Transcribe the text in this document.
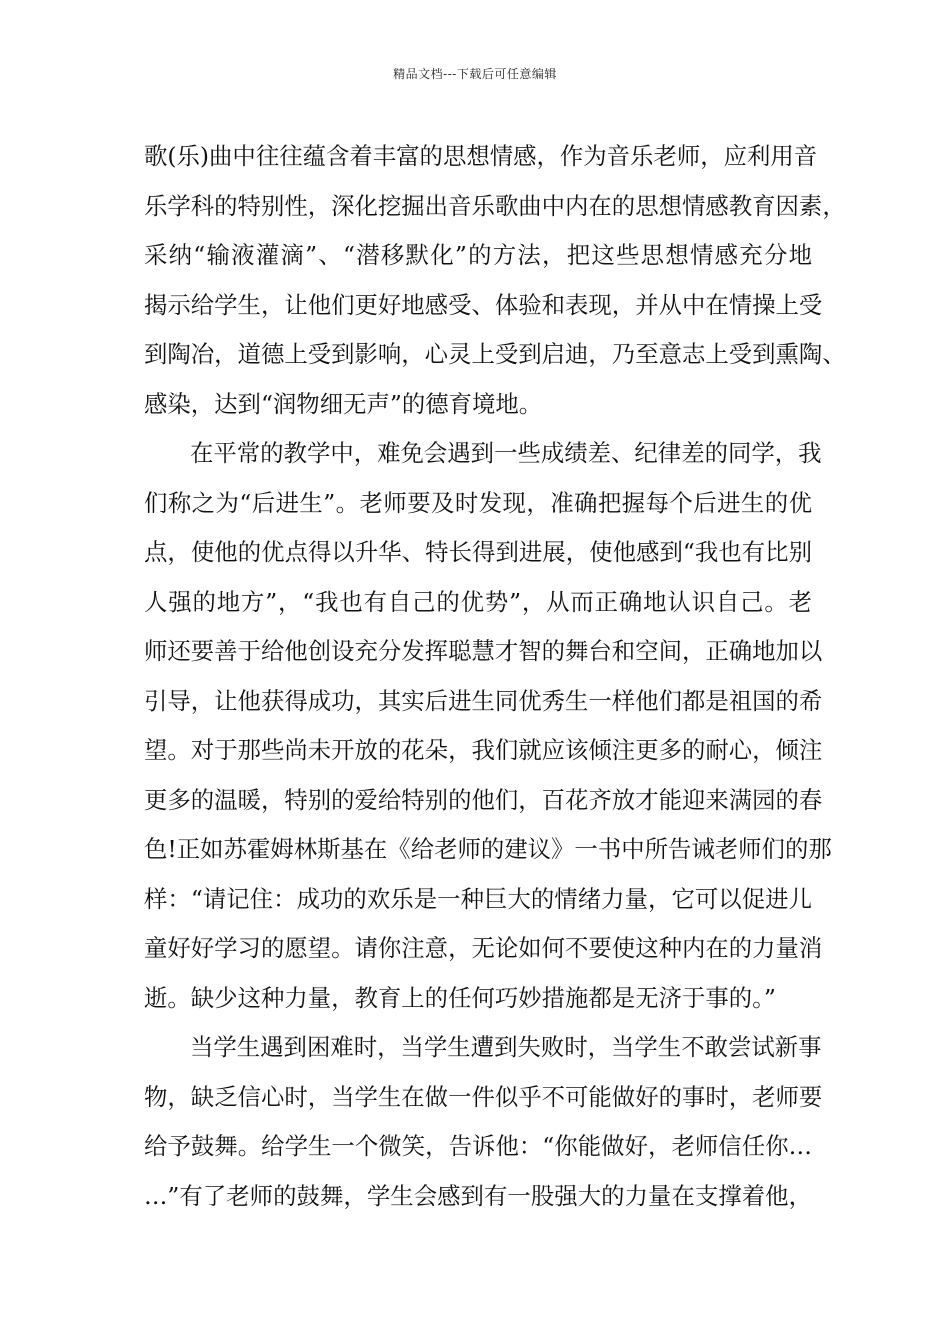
精品文档---下载后可任意编辑
歌(乐)曲中往往蕴含着丰富的思想情感，作为音乐老师，应利用音
乐学科的特别性，深化挖掘出音乐歌曲中内在的思想情感教育因素，
采纳“输液灌滴”、“潜移默化”的方法，把这些思想情感充分地
揭示给学生，让他们更好地感受、体验和表现，并从中在情操上受
到陶冶，道德上受到影响，心灵上受到启迪，乃至意志上受到熏陶、
感染，达到“润物细无声”的德育境地。
在平常的教学中，难免会遇到一些成绩差、纪律差的同学，我
们称之为“后进生”。老师要及时发现，准确把握每个后进生的优
点，使他的优点得以升华、特长得到进展，使他感到“我也有比别
人强的地方”，“我也有自己的优势”，从而正确地认识自己。老
师还要善于给他创设充分发挥聪慧才智的舞台和空间，正确地加以
引导，让他获得成功，其实后进生同优秀生一样他们都是祖国的希
望。对于那些尚未开放的花朵，我们就应该倾注更多的耐心，倾注
更多的温暖，特别的爱给特别的他们，百花齐放才能迎来满园的春
色!正如苏霍姆林斯基在《给老师的建议》一书中所告诫老师们的那
样：“请记住：成功的欢乐是一种巨大的情绪力量，它可以促进儿
童好好学习的愿望。请你注意，无论如何不要使这种内在的力量消
逝。缺少这种力量，教育上的任何巧妙措施都是无济于事的。”
当学生遇到困难时，当学生遭到失败时，当学生不敢尝试新事
物，缺乏信心时，当学生在做一件似乎不可能做好的事时，老师要
给予鼓舞。给学生一个微笑，告诉他：“你能做好，老师信任你…
…”有了老师的鼓舞，学生会感到有一股强大的力量在支撑着他，
